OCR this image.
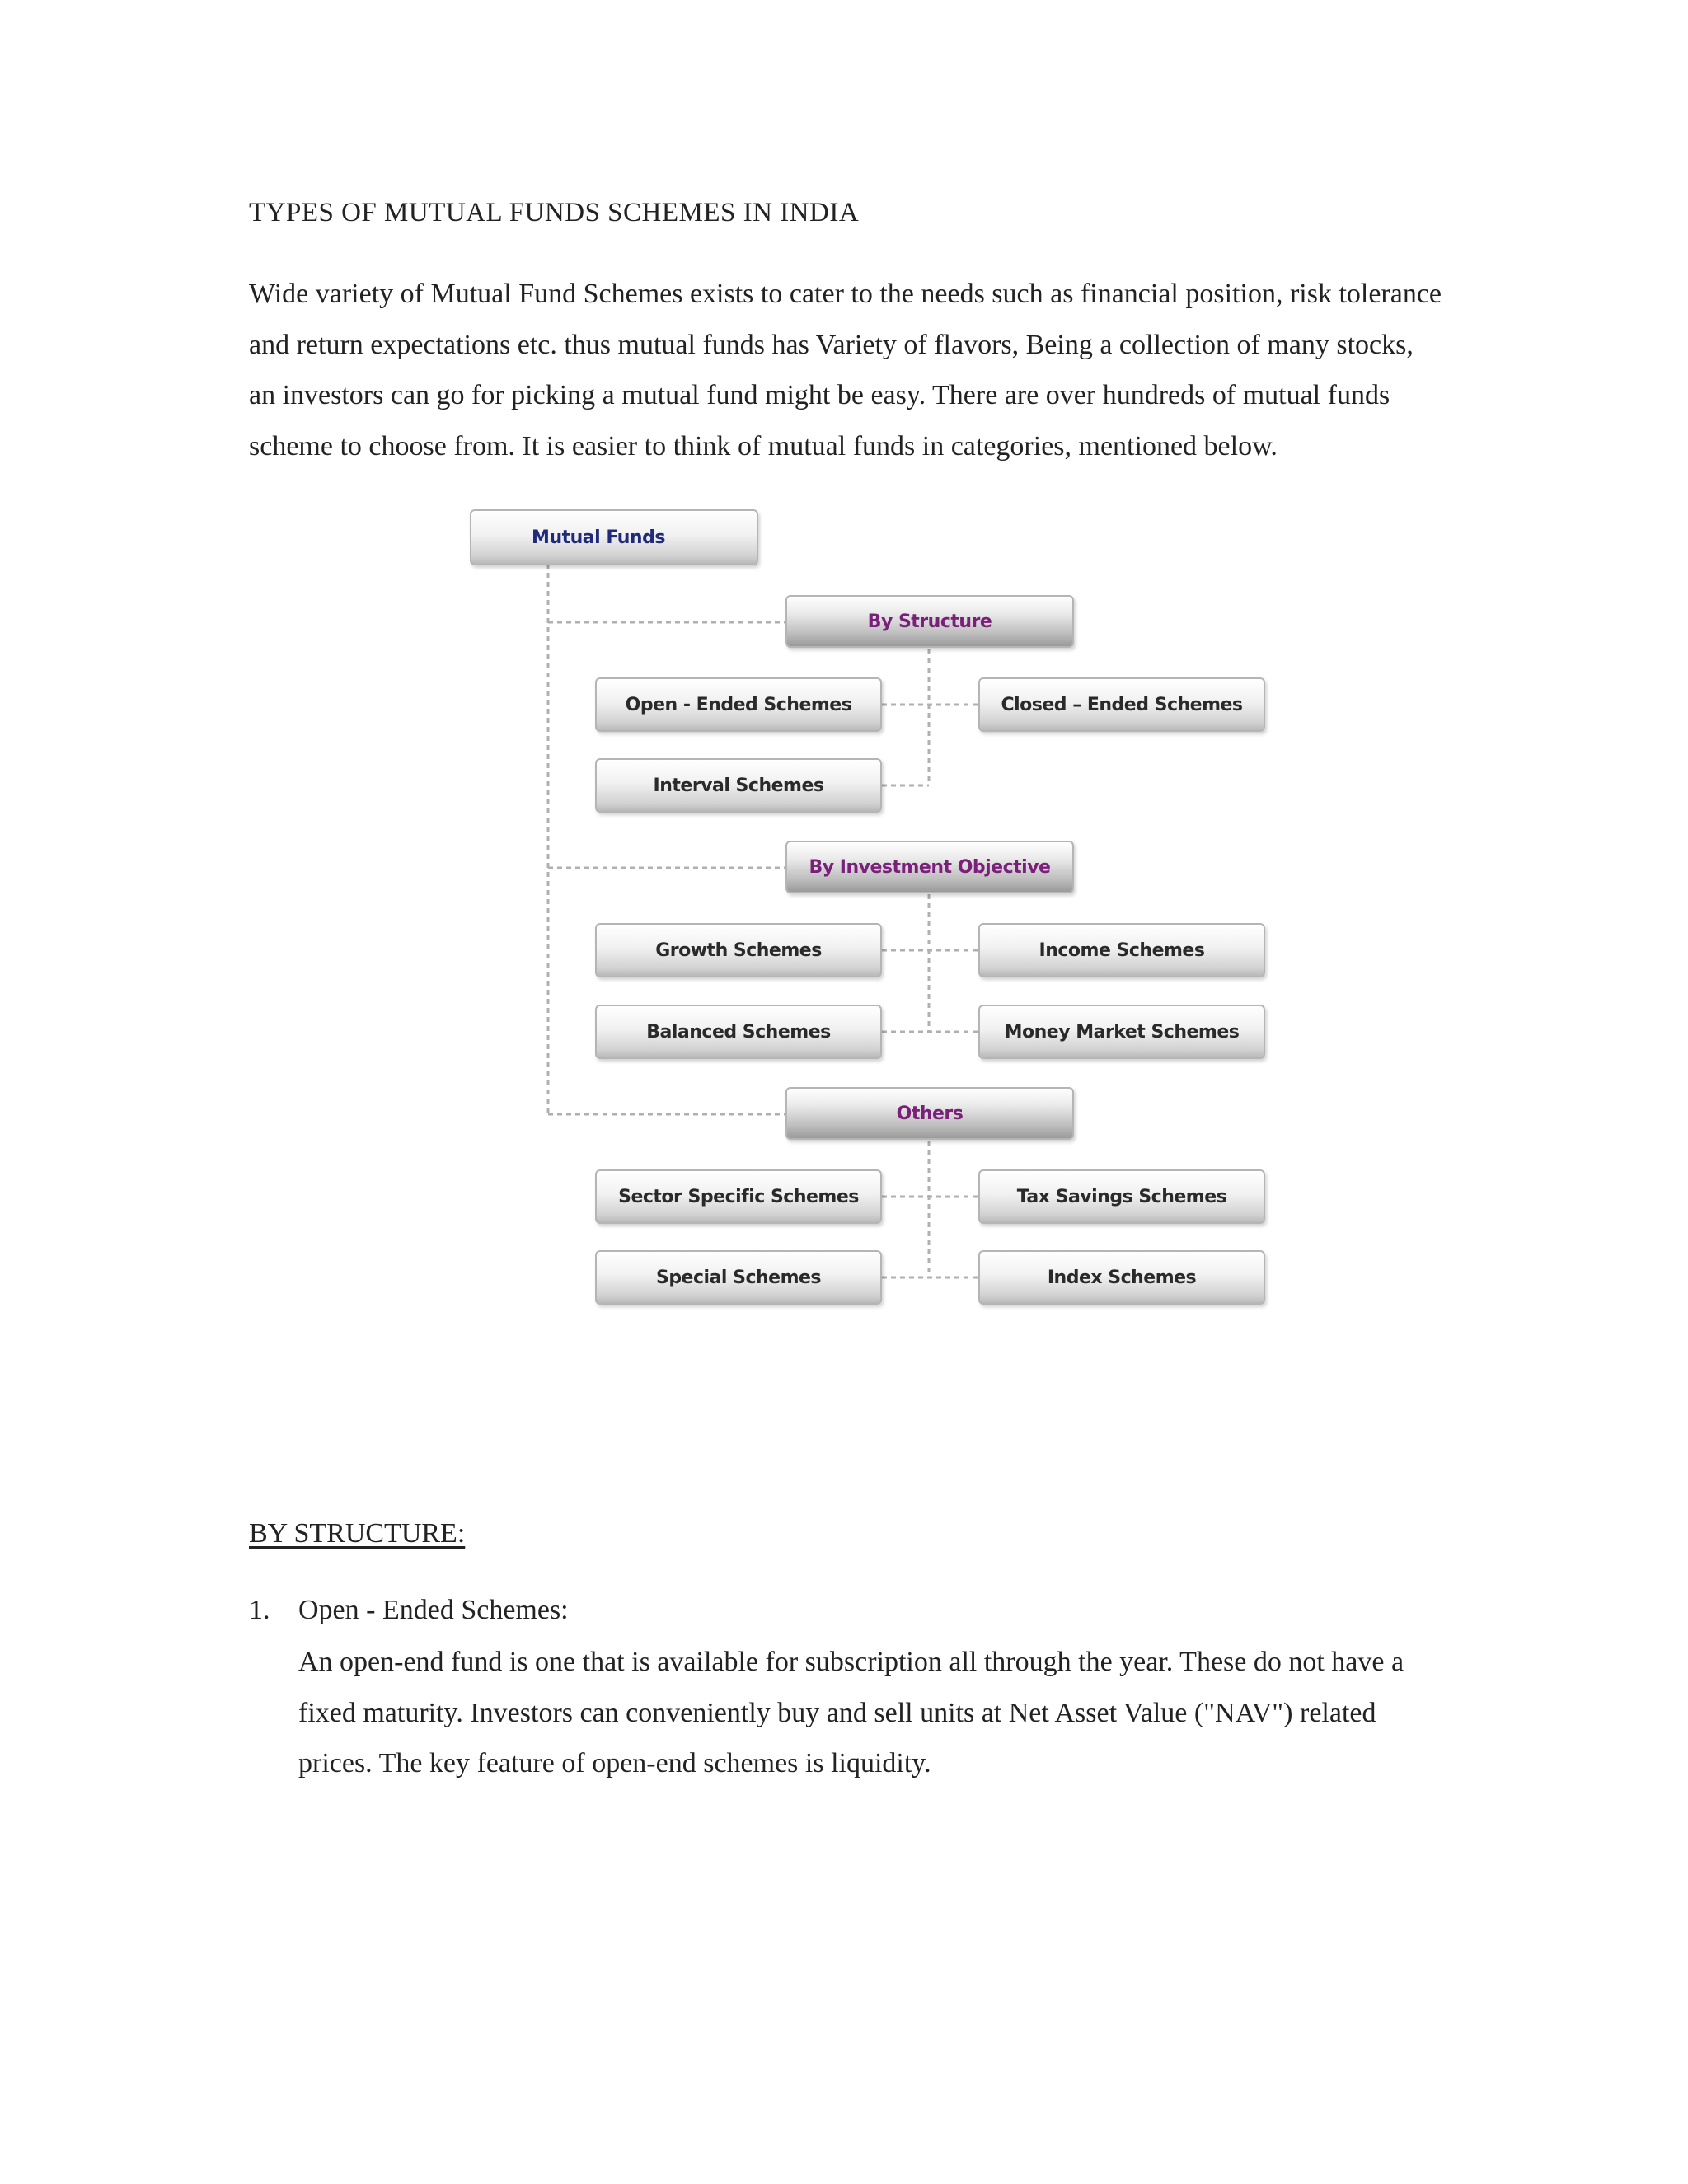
TYPES OF MUTUAL FUNDS SCHEMES IN INDIA

Wide variety of Mutual Fund Schemes exists to cater to the needs such as financial position, risk tolerance
and return expectations etc. thus mutual funds has Variety of flavors, Being a collection of many stocks,
an investors can go for picking a mutual fund might be easy. There are over hundreds of mutual funds
scheme to choose from. It is easier to think of mutual funds in categories, mentioned below.

Mutual Funds
By Structure
Open - Ended Schemes	Closed – Ended Schemes
Interval Schemes
By Investment Objective
Growth Schemes	Income Schemes
Balanced Schemes	Money Market Schemes
Others
Sector Specific Schemes	Tax Savings Schemes
Special Schemes	Index Schemes
BY STRUCTURE:
1. Open - Ended Schemes:
An open-end fund is one that is available for subscription all through the year. These do not have a
fixed maturity. Investors can conveniently buy and sell units at Net Asset Value ("NAV") related
prices. The key feature of open-end schemes is liquidity.
